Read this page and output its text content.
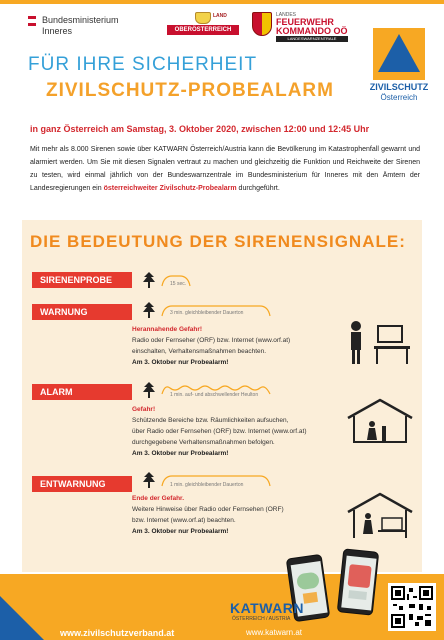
Bundesministerium
Inneres
LAND
OBERÖSTERREICH
LANDES
FEUERWEHR
KOMMANDO OÖ
LANDESWARNZENTRALE
ZIVILSCHUTZ
Österreich
FÜR IHRE SICHERHEIT
ZIVILSCHUTZ-PROBEALARM
in ganz Österreich am Samstag, 3. Oktober 2020, zwischen 12:00 und 12:45 Uhr

Mit mehr als 8.000 Sirenen sowie über KATWARN Österreich/Austria kann die Bevölkerung im Katastrophenfall gewarnt und alarmiert werden. Um Sie mit diesen Signalen vertraut zu machen und gleichzeitig die Funktion und Reichweite der Sirenen zu testen, wird einmal jährlich von der Bundeswarnzentrale im Bundesministerium für Inneres mit den Ämtern der Landesregierungen ein österreichweiter Zivilschutz-Probealarm durchgeführt.

DIE BEDEUTUNG DER SIRENENSIGNALE:
SIRENENPROBE	15 sec.
WARNUNG	3 min. gleichbleibender Dauerton
Herannahende Gefahr!
Radio oder Fernseher (ORF) bzw. Internet (www.orf.at)
einschalten, Verhaltensmaßnahmen beachten.
Am 3. Oktober nur Probealarm!
ALARM	1 min. auf- und abschwellender Heulton
Gefahr!
Schützende Bereiche bzw. Räumlichkeiten aufsuchen,
über Radio oder Fernsehen (ORF) bzw. Internet (www.orf.at)
durchgegebene Verhaltensmaßnahmen befolgen.
Am 3. Oktober nur Probealarm!
ENTWARNUNG	1 min. gleichbleibender Dauerton
Ende der Gefahr.
Weitere Hinweise über Radio oder Fernsehen (ORF)
bzw. Internet (www.orf.at) beachten.
Am 3. Oktober nur Probealarm!
www.zivilschutzverband.at
KATWARN
ÖSTERREICH / AUSTRIA
www.katwarn.at
